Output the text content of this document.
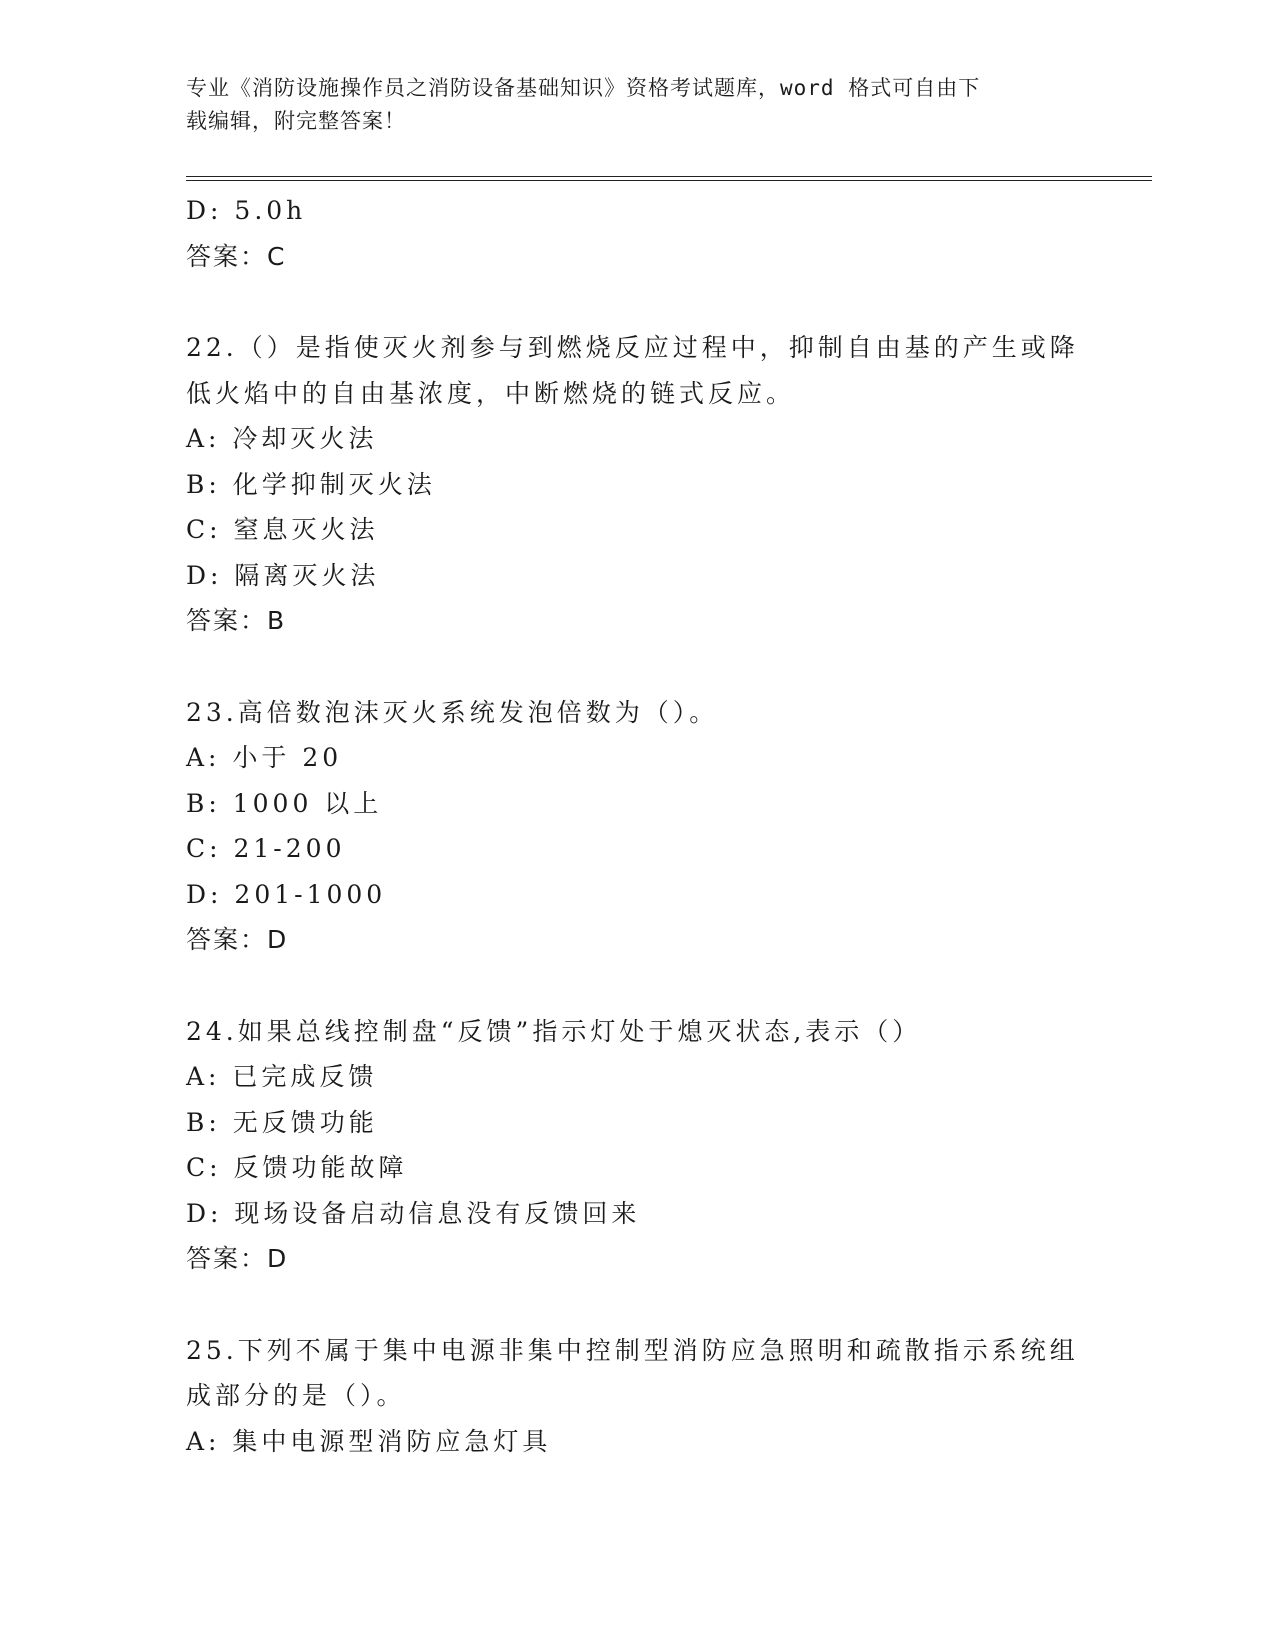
专业《消防设施操作员之消防设备基础知识》资格考试题库，word 格式可自由下
载编辑，附完整答案！
D: 5.0h
答案：C
22.（）是指使灭火剂参与到燃烧反应过程中，抑制自由基的产生或降
低火焰中的自由基浓度，中断燃烧的链式反应。
A: 冷却灭火法
B: 化学抑制灭火法
C: 窒息灭火法
D: 隔离灭火法
答案：B
23.高倍数泡沫灭火系统发泡倍数为（）。
A: 小于 20
B: 1000 以上
C: 21-200
D: 201-1000
答案：D
24.如果总线控制盘“反馈”指示灯处于熄灭状态,表示（）
A: 已完成反馈
B: 无反馈功能
C: 反馈功能故障
D: 现场设备启动信息没有反馈回来
答案：D
25.下列不属于集中电源非集中控制型消防应急照明和疏散指示系统组
成部分的是（）。
A: 集中电源型消防应急灯具
